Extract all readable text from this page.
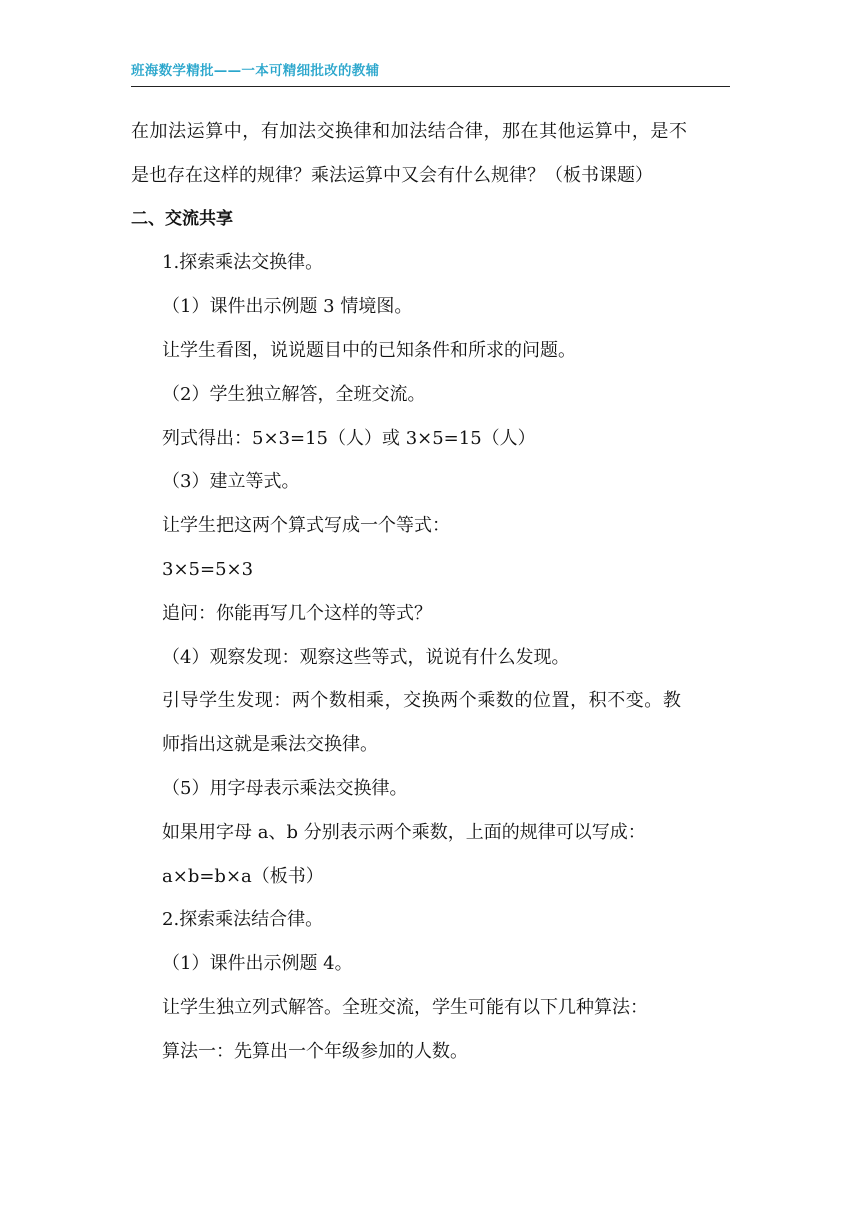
班海数学精批——一本可精细批改的教辅
在加法运算中，有加法交换律和加法结合律，那在其他运算中，是不
是也存在这样的规律？乘法运算中又会有什么规律？（板书课题）
二、交流共享
1.探索乘法交换律。
（1）课件出示例题 3 情境图。
让学生看图，说说题目中的已知条件和所求的问题。
（2）学生独立解答，全班交流。
列式得出：5×3=15（人）或 3×5=15（人）
（3）建立等式。
让学生把这两个算式写成一个等式：
3×5=5×3
追问：你能再写几个这样的等式？
（4）观察发现：观察这些等式，说说有什么发现。
引导学生发现：两个数相乘，交换两个乘数的位置，积不变。教
师指出这就是乘法交换律。
（5）用字母表示乘法交换律。
如果用字母 a、b 分别表示两个乘数，上面的规律可以写成：
a×b=b×a（板书）
2.探索乘法结合律。
（1）课件出示例题 4。
让学生独立列式解答。全班交流，学生可能有以下几种算法：
算法一：先算出一个年级参加的人数。
